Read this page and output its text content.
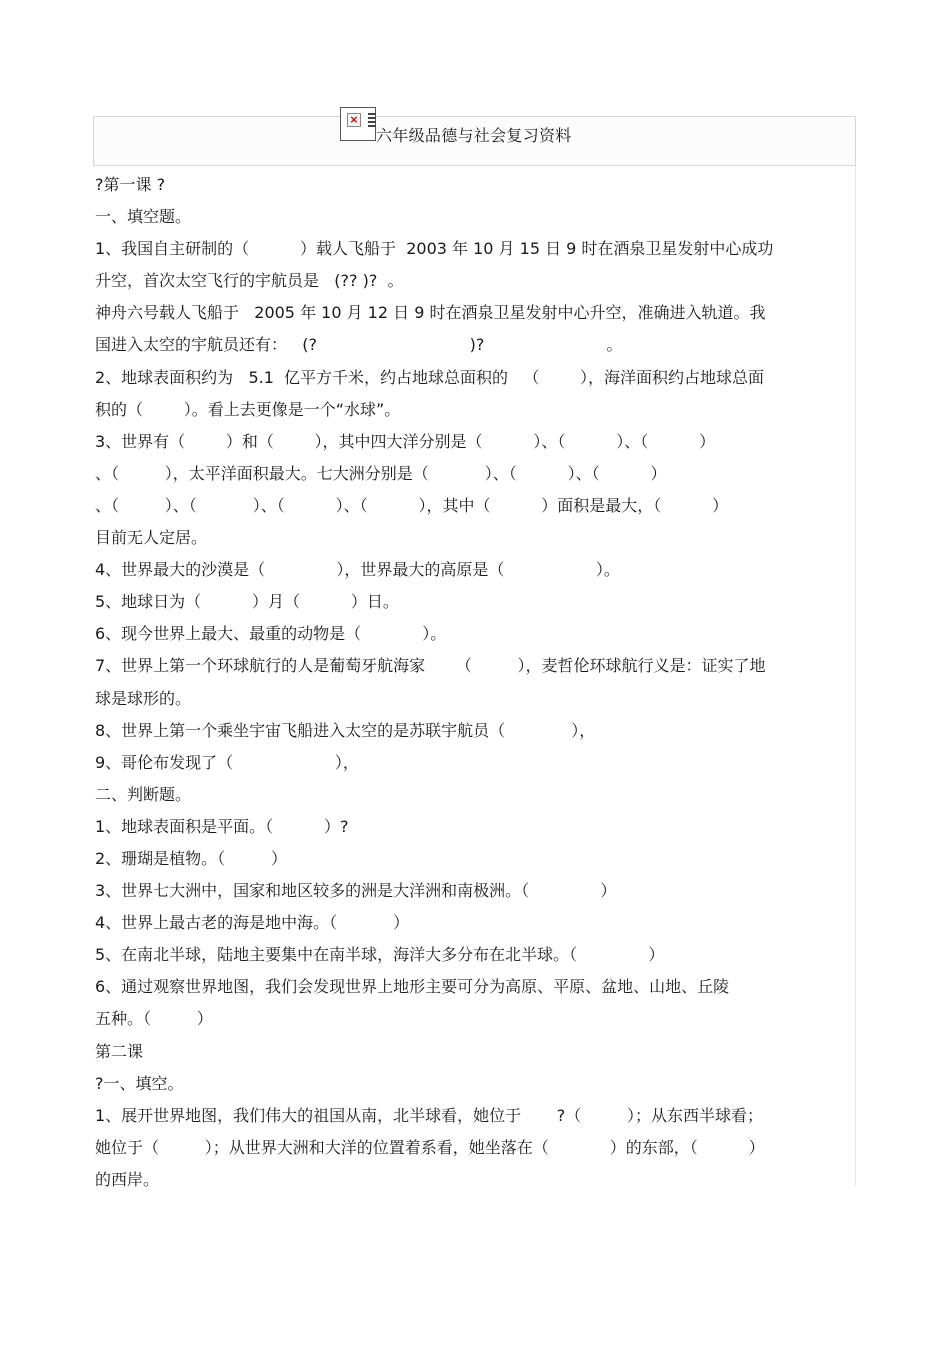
×
六年级品德与社会复习资料
?第一课 ?
一、填空题。
1、我国自主研制的（          ）载人飞船于  2003 年 10 月 15 日 9 时在酒泉卫星发射中心成功
升空，首次太空飞行的宇航员是   (?? )?  。
神舟六号载人飞船于   2005 年 10 月 12 日 9 时在酒泉卫星发射中心升空，准确进入轨道。我
国进入太空的宇航员还有：   (?                              )?                        。
2、地球表面积约为   5.1  亿平方千米，约占地球总面积的   （        ），海洋面积约占地球总面
积的（        ）。看上去更像是一个“水球”。
3、世界有（        ）和（        ），其中四大洋分别是（          ）、（          ）、（          ）
、（         ），太平洋面积最大。七大洲分别是（           ）、（          ）、（          ）
、（         ）、（           ）、（          ）、（          ），其中（          ）面积是最大，（          ）
目前无人定居。
4、世界最大的沙漠是（              ），世界最大的高原是（                  ）。
5、地球日为（          ）月（          ）日。
6、现今世界上最大、最重的动物是（            ）。
7、世界上第一个环球航行的人是葡萄牙航海家      （         ），麦哲伦环球航行义是：证实了地
球是球形的。
8、世界上第一个乘坐宇宙飞船进入太空的是苏联宇航员（             ），
9、哥伦布发现了（                    ），
二、判断题。
1、地球表面积是平面。（          ）?
2、珊瑚是植物。（         ）
3、世界七大洲中，国家和地区较多的洲是大洋洲和南极洲。（              ）
4、世界上最古老的海是地中海。（           ）
5、在南北半球，陆地主要集中在南半球，海洋大多分布在北半球。（              ）
6、通过观察世界地图，我们会发现世界上地形主要可分为高原、平原、盆地、山地、丘陵
五种。（         ）
第二课
?一、填空。
1、展开世界地图，我们伟大的祖国从南，北半球看，她位于       ?（         ）；从东西半球看；
她位于（         ）；从世界大洲和大洋的位置着系看，她坐落在（            ）的东部，（          ）
的西岸。
